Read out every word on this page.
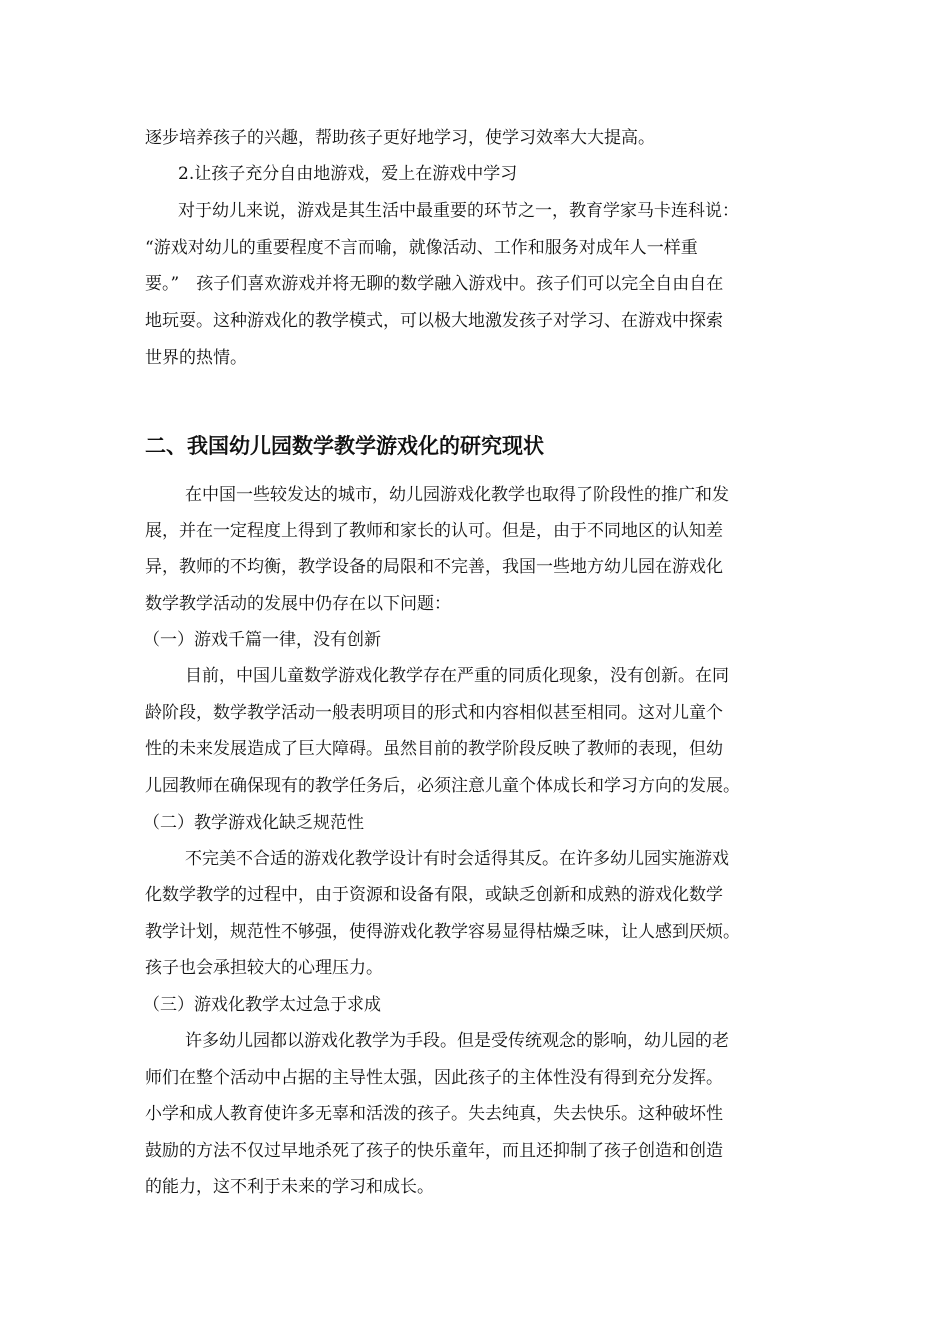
逐步培养孩子的兴趣，帮助孩子更好地学习，使学习效率大大提高。

2.让孩子充分自由地游戏，爱上在游戏中学习

对于幼儿来说，游戏是其生活中最重要的环节之一，教育学家马卡连科说：

“游戏对幼儿的重要程度不言而喻，就像活动、工作和服务对成年人一样重

要。”　孩子们喜欢游戏并将无聊的数学融入游戏中。孩子们可以完全自由自在

地玩耍。这种游戏化的教学模式，可以极大地激发孩子对学习、在游戏中探索

世界的热情。

二、我国幼儿园数学教学游戏化的研究现状

在中国一些较发达的城市，幼儿园游戏化教学也取得了阶段性的推广和发

展，并在一定程度上得到了教师和家长的认可。但是，由于不同地区的认知差

异，教师的不均衡，教学设备的局限和不完善，我国一些地方幼儿园在游戏化

数学教学活动的发展中仍存在以下问题：

（一）游戏千篇一律，没有创新

目前，中国儿童数学游戏化教学存在严重的同质化现象，没有创新。在同

龄阶段，数学教学活动一般表明项目的形式和内容相似甚至相同。这对儿童个

性的未来发展造成了巨大障碍。虽然目前的教学阶段反映了教师的表现，但幼

儿园教师在确保现有的教学任务后，必须注意儿童个体成长和学习方向的发展。

（二）教学游戏化缺乏规范性

不完美不合适的游戏化教学设计有时会适得其反。在许多幼儿园实施游戏

化数学教学的过程中，由于资源和设备有限，或缺乏创新和成熟的游戏化数学

教学计划，规范性不够强，使得游戏化教学容易显得枯燥乏味，让人感到厌烦。

孩子也会承担较大的心理压力。

（三）游戏化教学太过急于求成

许多幼儿园都以游戏化教学为手段。但是受传统观念的影响，幼儿园的老

师们在整个活动中占据的主导性太强，因此孩子的主体性没有得到充分发挥。

小学和成人教育使许多无辜和活泼的孩子。失去纯真，失去快乐。这种破坏性

鼓励的方法不仅过早地杀死了孩子的快乐童年，而且还抑制了孩子创造和创造

的能力，这不利于未来的学习和成长。
